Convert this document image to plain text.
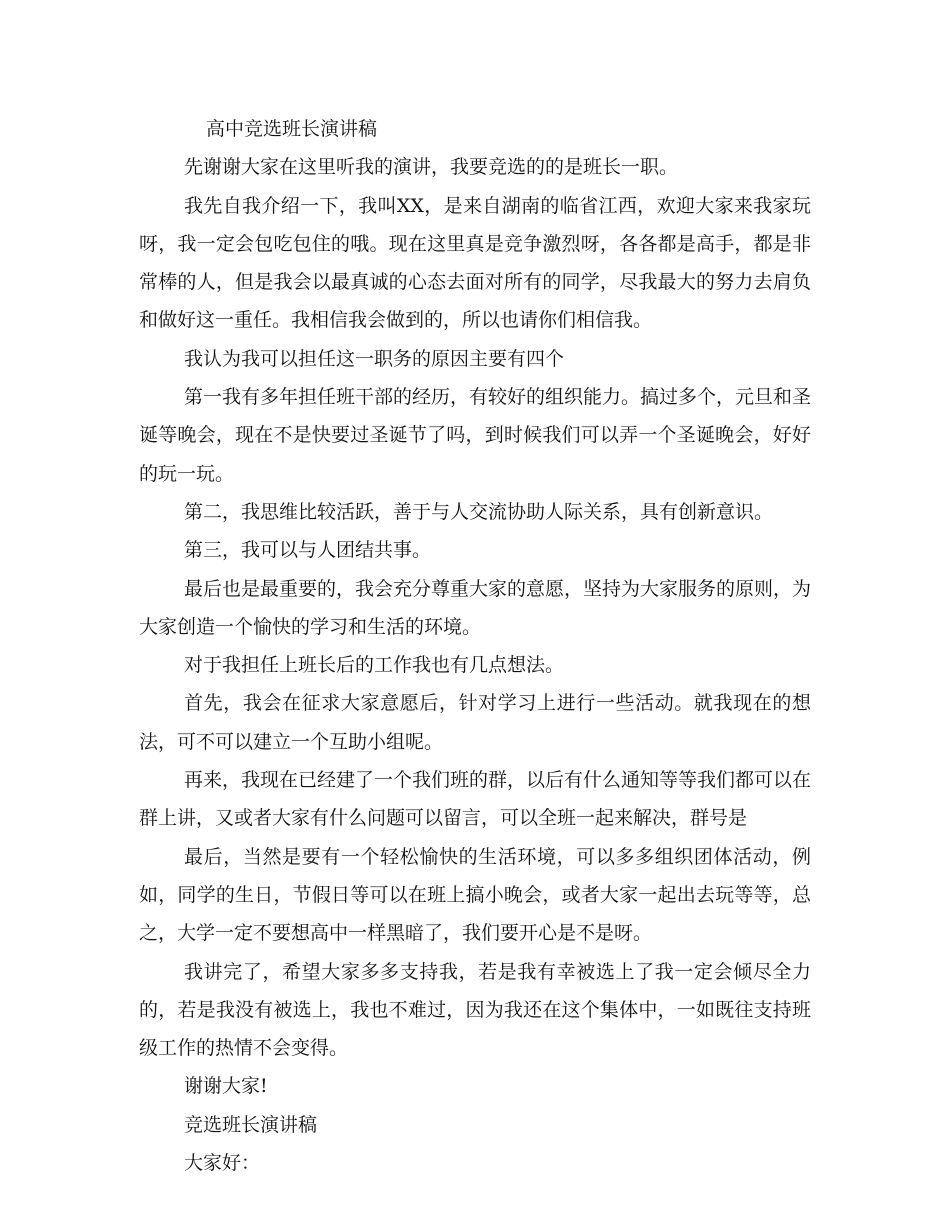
高中竞选班长演讲稿

先谢谢大家在这里听我的演讲，我要竞选的的是班长一职。

我先自我介绍一下，我叫XX，是来自湖南的临省江西，欢迎大家来我家玩呀，我一定会包吃包住的哦。现在这里真是竞争激烈呀，各各都是高手，都是非常棒的人，但是我会以最真诚的心态去面对所有的同学，尽我最大的努力去肩负和做好这一重任。我相信我会做到的，所以也请你们相信我。

我认为我可以担任这一职务的原因主要有四个

第一我有多年担任班干部的经历，有较好的组织能力。搞过多个，元旦和圣诞等晚会，现在不是快要过圣诞节了吗，到时候我们可以弄一个圣诞晚会，好好的玩一玩。

第二，我思维比较活跃，善于与人交流协助人际关系，具有创新意识。

第三，我可以与人团结共事。

最后也是最重要的，我会充分尊重大家的意愿，坚持为大家服务的原则，为大家创造一个愉快的学习和生活的环境。

对于我担任上班长后的工作我也有几点想法。

首先，我会在征求大家意愿后，针对学习上进行一些活动。就我现在的想法，可不可以建立一个互助小组呢。

再来，我现在已经建了一个我们班的群，以后有什么通知等等我们都可以在群上讲，又或者大家有什么问题可以留言，可以全班一起来解决，群号是

最后，当然是要有一个轻松愉快的生活环境，可以多多组织团体活动，例如，同学的生日，节假日等可以在班上搞小晚会，或者大家一起出去玩等等，总之，大学一定不要想高中一样黑暗了，我们要开心是不是呀。

我讲完了，希望大家多多支持我，若是我有幸被选上了我一定会倾尽全力的，若是我没有被选上，我也不难过，因为我还在这个集体中，一如既往支持班级工作的热情不会变得。

谢谢大家!

竞选班长演讲稿

大家好：
